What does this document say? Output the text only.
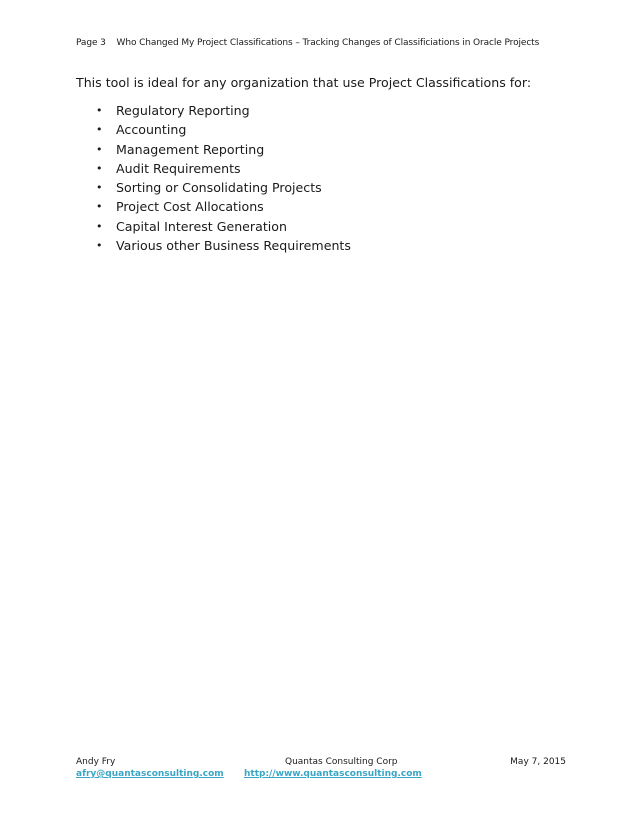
Page 3 Who Changed My Project Classifications – Tracking Changes of Classificiations in Oracle Projects
This tool is ideal for any organization that use Project Classifications for:
•	Regulatory Reporting
•	Accounting
•	Management Reporting
•	Audit Requirements
•	Sorting or Consolidating Projects
•	Project Cost Allocations
•	Capital Interest Generation
•	Various other Business Requirements
Andy Fry	Quantas Consulting Corp	May 7, 2015
afry@quantasconsulting.com http://www.quantasconsulting.com
